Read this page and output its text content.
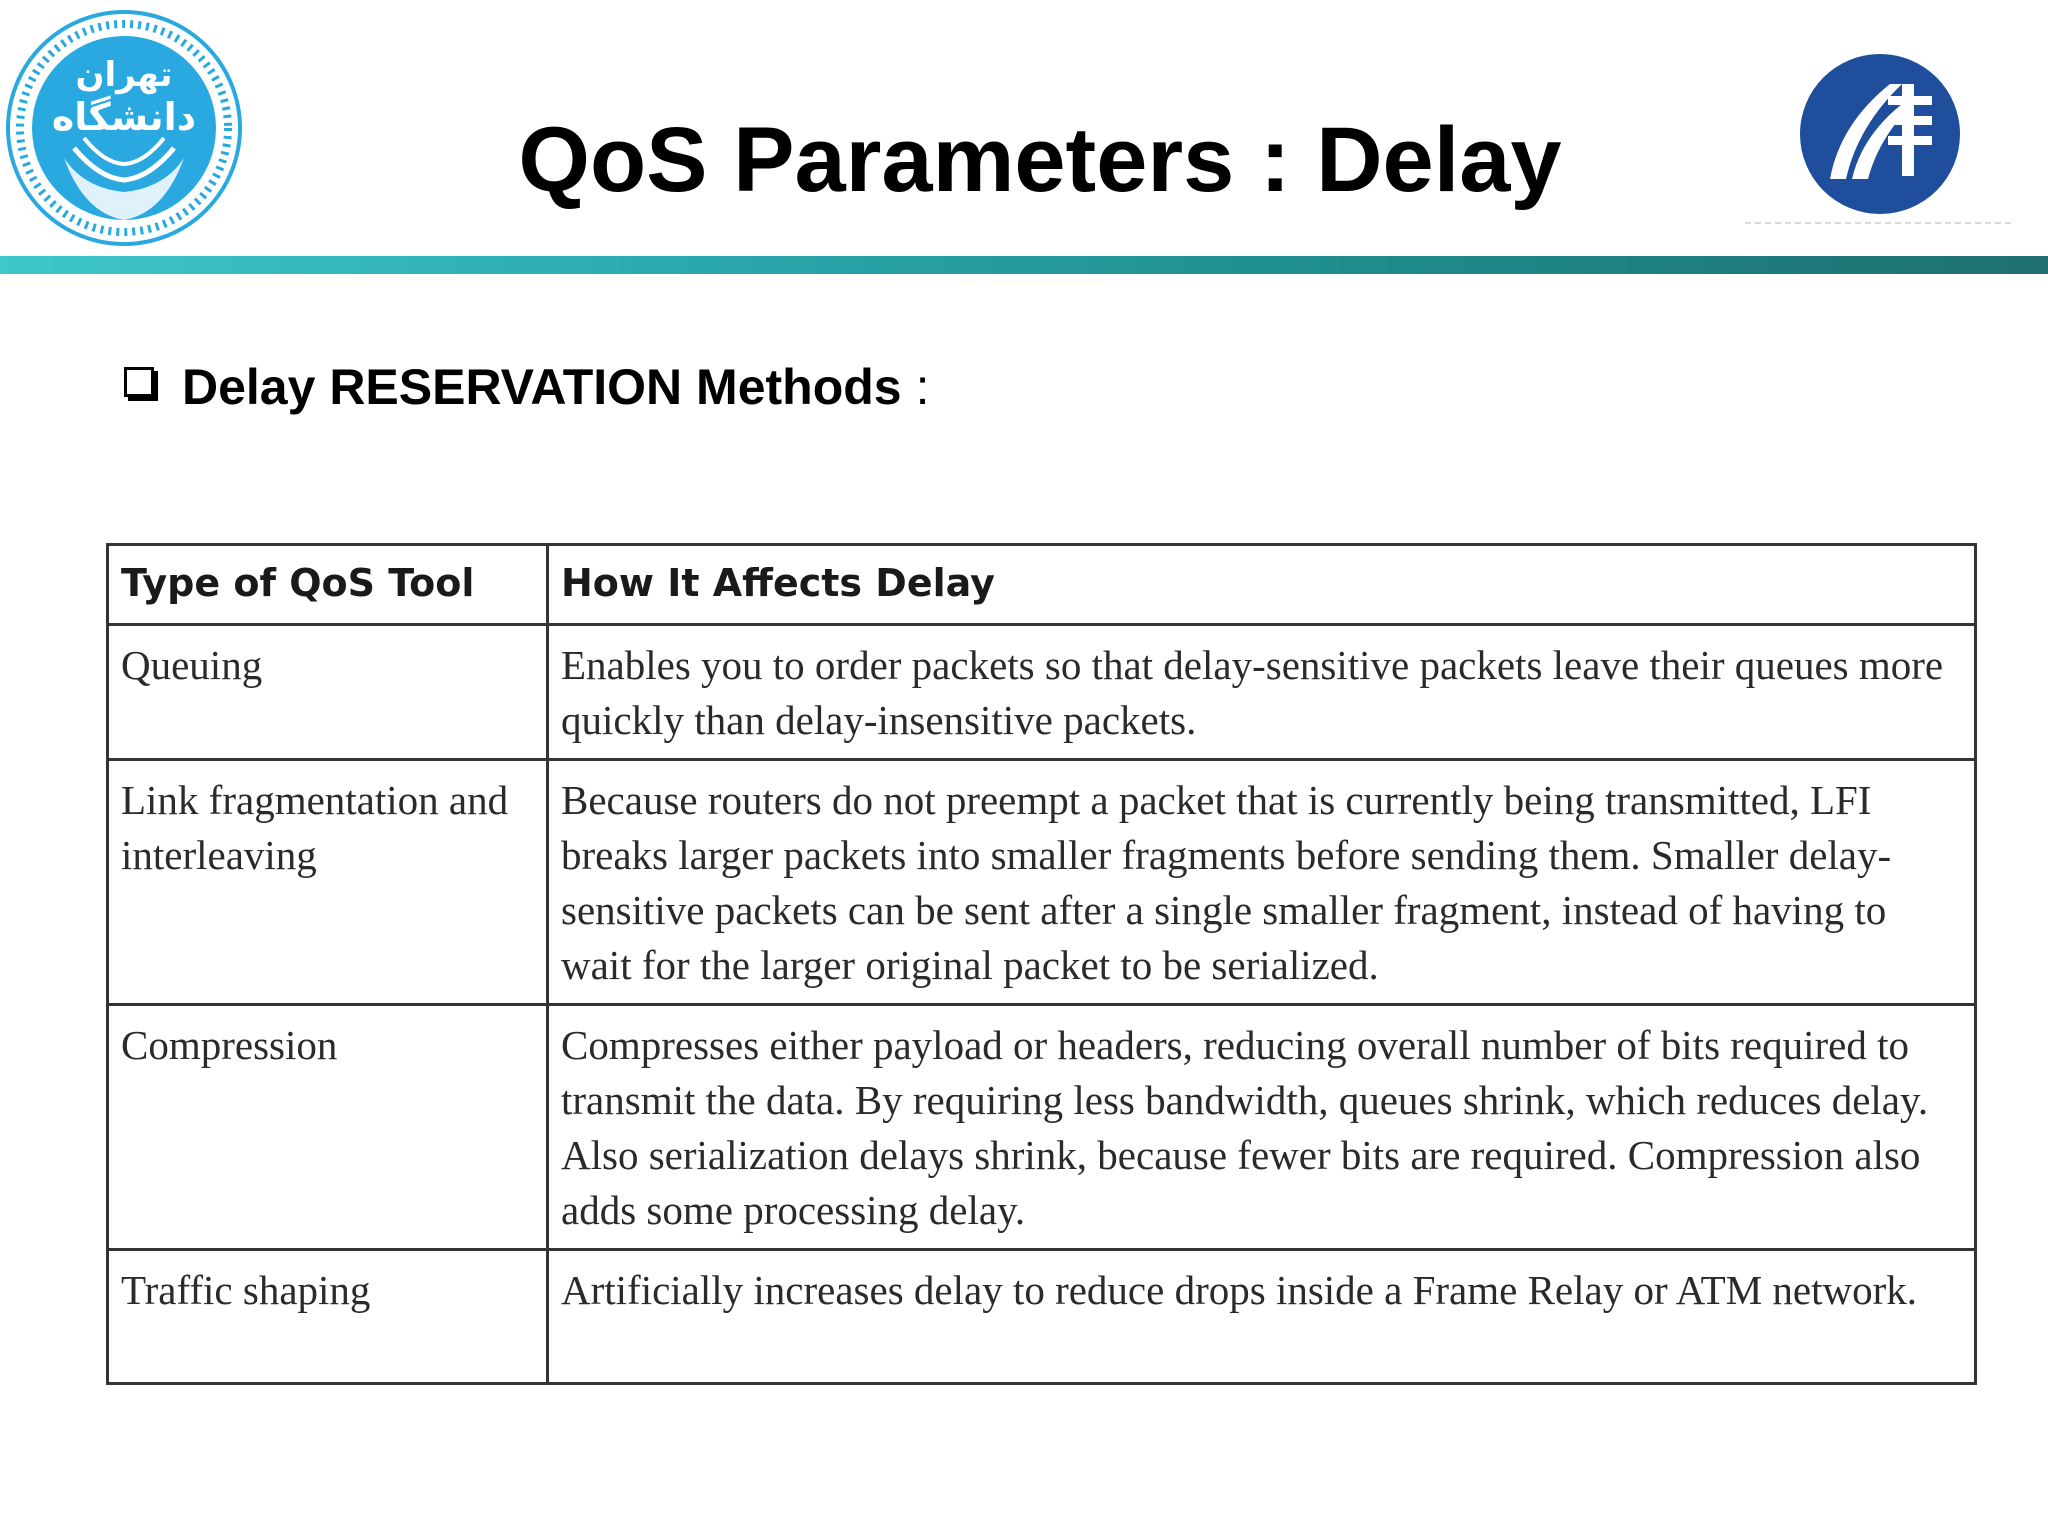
تهران
دانشگاه	QoS Parameters : Delay
Delay RESERVATION Methods :
Type of QoS Tool	How It Affects Delay
Queuing	Enables you to order packets so that delay-sensitive packets leave their queues more quickly than delay-insensitive packets.
Link fragmentation and interleaving	Because routers do not preempt a packet that is currently being transmitted, LFI breaks larger packets into smaller fragments before sending them. Smaller delay-sensitive packets can be sent after a single smaller fragment, instead of having to wait for the larger original packet to be serialized.
Compression	Compresses either payload or headers, reducing overall number of bits required to transmit the data. By requiring less bandwidth, queues shrink, which reduces delay. Also serialization delays shrink, because fewer bits are required. Compression also adds some processing delay.
Traffic shaping	Artificially increases delay to reduce drops inside a Frame Relay or ATM network.
